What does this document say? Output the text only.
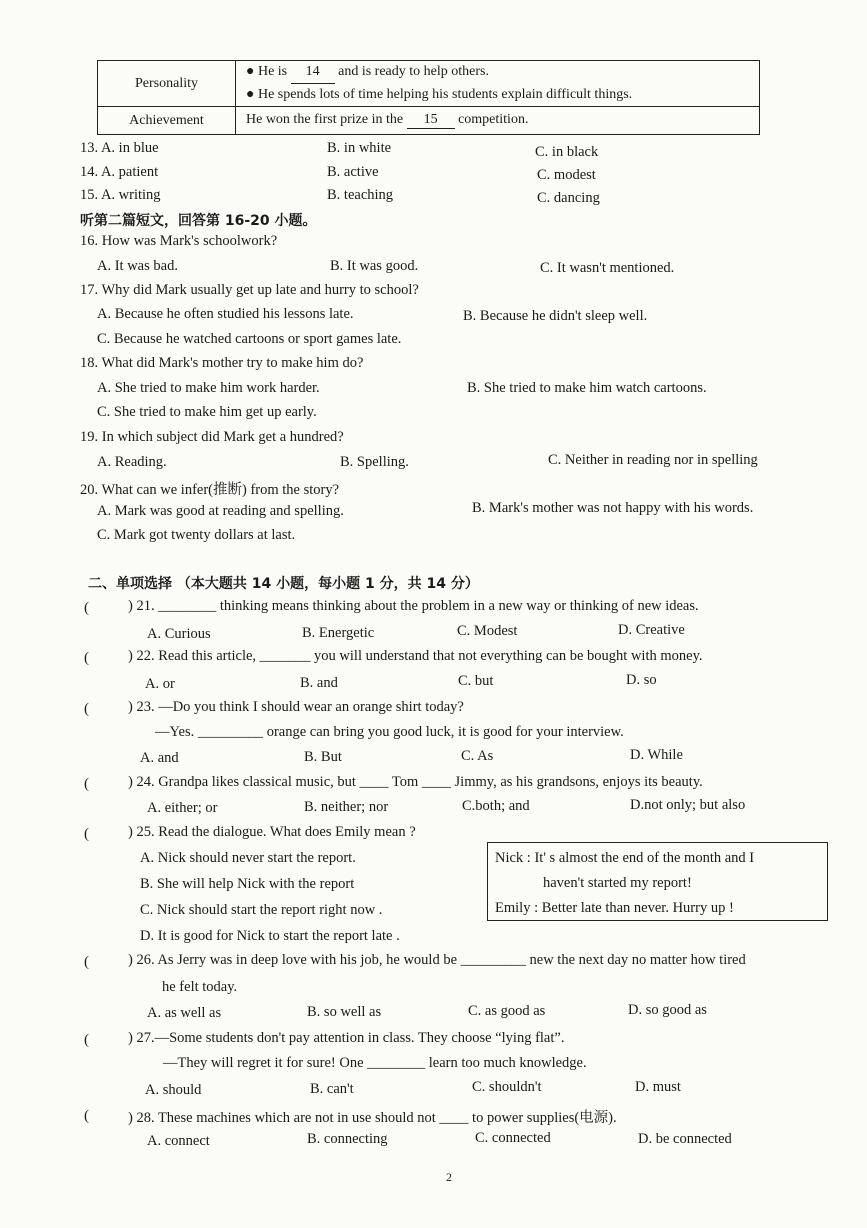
Personality	● He is 14 and is ready to help others.
● He spends lots of time helping his students explain difficult things.

Achievement	He won the first prize in the 15 competition.
13. A. in blue	B. in white	C. in black
14. A. patient	B. active	C. modest
15. A. writing	B. teaching	C. dancing
听第二篇短文，回答第 16-20 小题。
16. How was Mark's schoolwork?
A. It was bad.	B. It was good.	C. It wasn't mentioned.
17. Why did Mark usually get up late and hurry to school?
A. Because he often studied his lessons late.	B. Because he didn't sleep well.
C. Because he watched cartoons or sport games late.
18. What did Mark's mother try to make him do?
A. She tried to make him work harder.	B. She tried to make him watch cartoons.
C. She tried to make him get up early.
19. In which subject did Mark get a hundred?
A. Reading.	B. Spelling.	C. Neither in reading nor in spelling
20. What can we infer(推断) from the story?
A. Mark was good at reading and spelling.	B. Mark's mother was not happy with his words.
C. Mark got twenty dollars at last.
二、单项选择 （本大题共 14 小题，每小题 1 分，共 14 分）
(	) 21. ________ thinking means thinking about the problem in a new way or thinking of new ideas.
A. Curious	B. Energetic	C. Modest	D. Creative
(	) 22. Read this article, _______ you will understand that not everything can be bought with money.
A. or	B. and	C. but	D. so
(	) 23. —Do you think I should wear an orange shirt today?
—Yes. _________ orange can bring you good luck, it is good for your interview.
A. and	B. But	C. As	D. While
(	) 24. Grandpa likes classical music, but ____ Tom ____ Jimmy, as his grandsons, enjoys its beauty.
A. either; or	B. neither; nor	C.both; and	D.not only; but also
(	) 25. Read the dialogue. What does Emily mean ?
A. Nick should never start the report.
B. She will help Nick with the report
C. Nick should start the report right now .
D. It is good for Nick to start the report late .
Nick : It' s almost the end of the month and I
haven't started my report!
Emily : Better late than never. Hurry up !
(	) 26. As Jerry was in deep love with his job, he would be _________ new the next day no matter how tired
he felt today.
A. as well as	B. so well as	C. as good as	D. so good as
(	) 27.—Some students don't pay attention in class. They choose “lying flat”.
—They will regret it for sure! One ________ learn too much knowledge.
A. should	B. can't	C. shouldn't	D. must
(	) 28. These machines which are not in use should not ____ to power supplies(电源).
A. connect	B. connecting	C. connected	D. be connected
2
